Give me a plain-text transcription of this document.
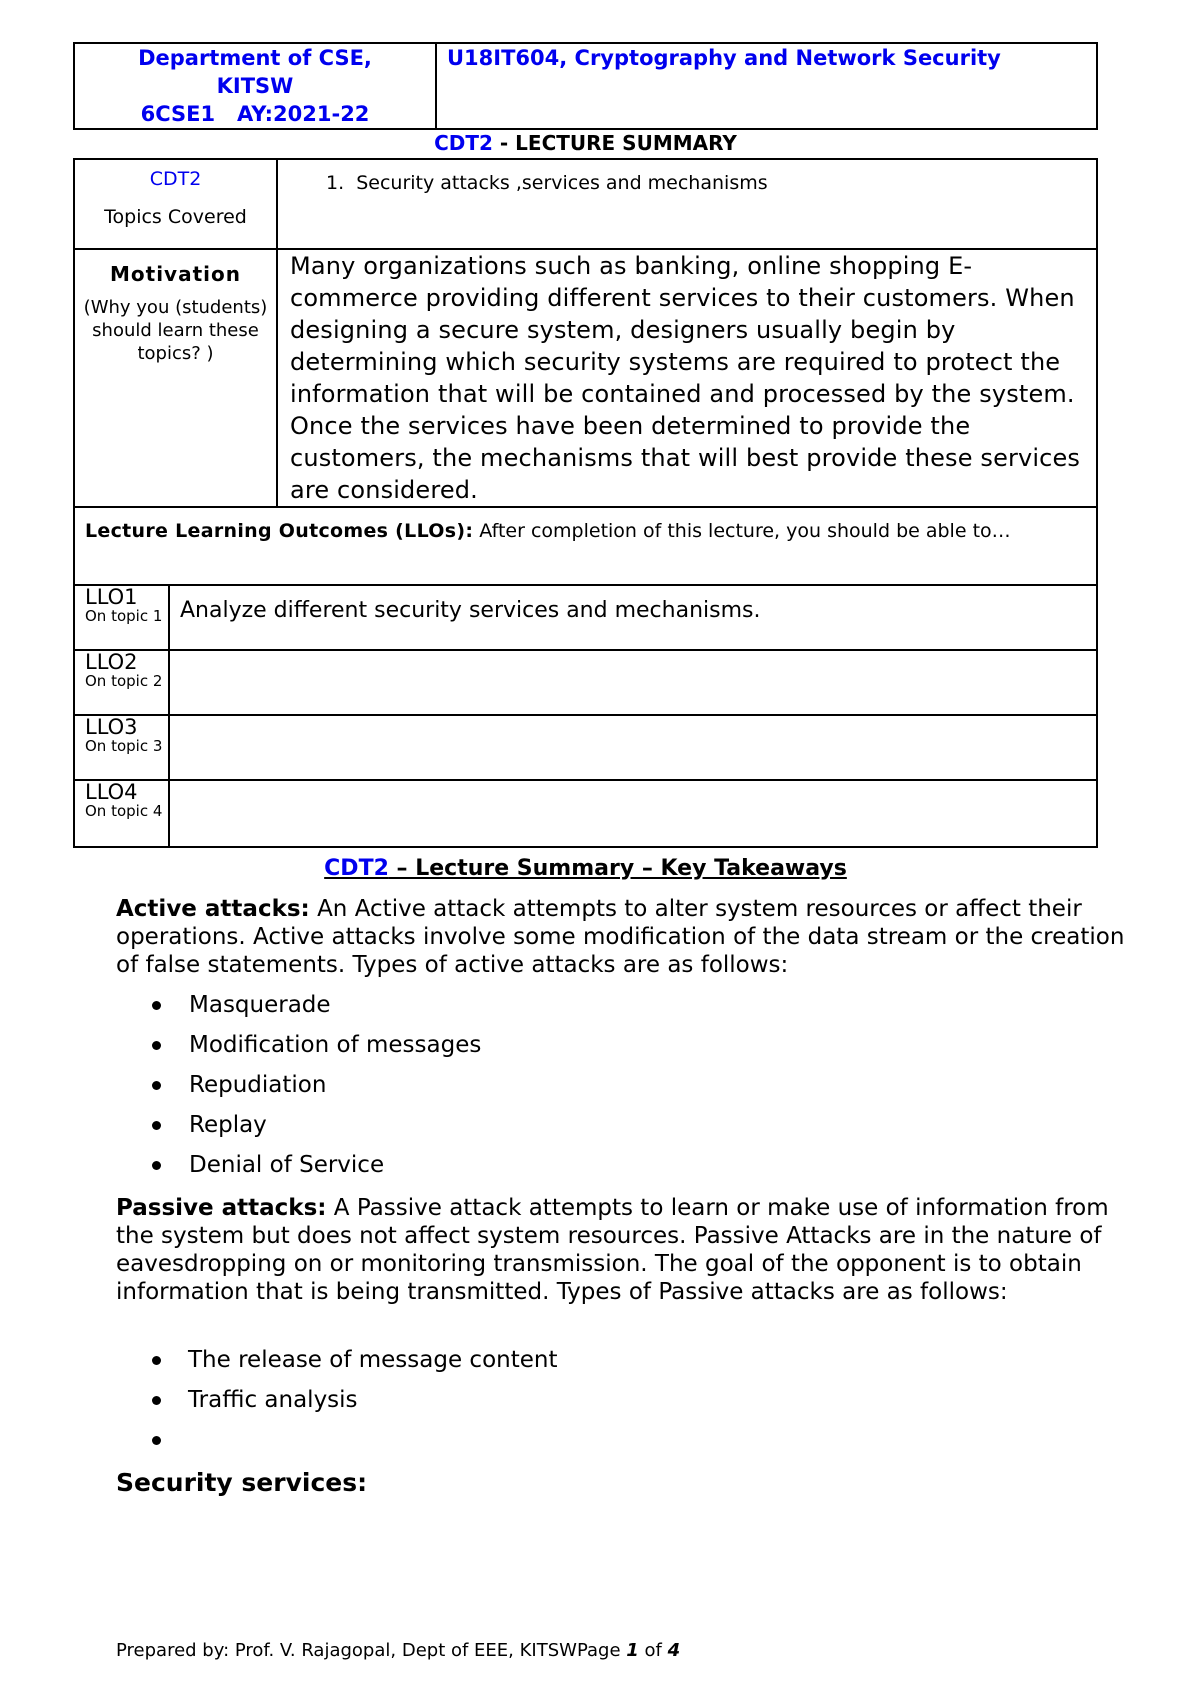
Department of CSE,
KITSW
6CSE1   AY:2021-22
U18IT604, Cryptography and Network Security
CDT2 - LECTURE SUMMARY
CDT2
Topics Covered
1.  Security attacks ,services and mechanisms
Motivation
(Why you (students) should learn these topics? )
Many organizations such as banking, online shopping E-commerce providing different services to their customers. When designing a secure system, designers usually begin by determining which security systems are required to protect the information that will be contained and processed by the system. Once the services have been determined to provide the customers, the mechanisms that will best provide these services are considered.
Lecture Learning Outcomes (LLOs): After completion of this lecture, you should be able to…
LLO1
On topic 1 Analyze different security services and mechanisms.
LLO2
On topic 2
LLO3
On topic 3
LLO4
On topic 4
CDT2 – Lecture Summary – Key Takeaways
Active attacks: An Active attack attempts to alter system resources or affect their operations. Active attacks involve some modification of the data stream or the creation of false statements. Types of active attacks are as follows:
Masquerade
Modification of messages
Repudiation
Replay
Denial of Service
Passive attacks: A Passive attack attempts to learn or make use of information from the system but does not affect system resources. Passive Attacks are in the nature of eavesdropping on or monitoring transmission. The goal of the opponent is to obtain information that is being transmitted. Types of Passive attacks are as follows:
The release of message content
Traffic analysis
Security services:
Prepared by: Prof. V. Rajagopal, Dept of EEE, KITSWPage 1 of 4
